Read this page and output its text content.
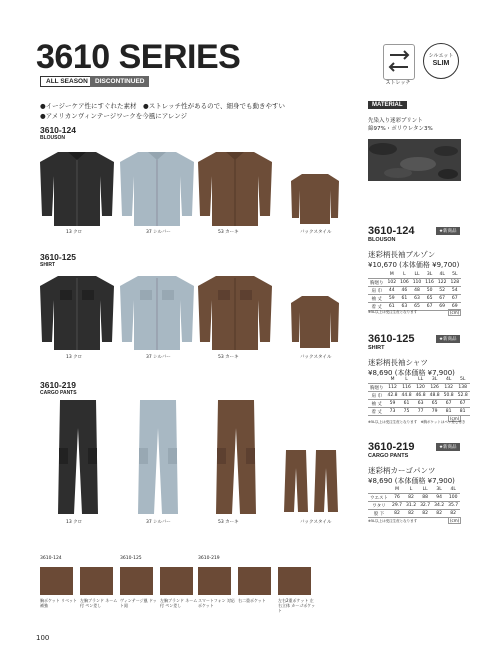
3610 SERIES
ALL SEASON	DISCONTINUED	ストレッチ
シルエット
SLIM
●イージーケア性にすぐれた素材　●ストレッチ性があるので、細身でも動きやすい
●アメリカンヴィンテージワークを今風にアレンジ
MATERIAL
先染入り迷彩プリント
綿97%・ポリウレタン3%
3610-124
BLOUSON
3610-125
SHIRT
3610-219
CARGO PANTS
13 クロ	37 シルバー	53 カーキ	バックスタイル
13 クロ	37 シルバー	53 カーキ	バックスタイル
13 クロ	37 シルバー	53 カーキ	バックスタイル
★新商品
3610-124
BLOUSON
迷彩柄長袖ブルゾン
¥10,670 (本体価格 ¥9,700)
	M	L	LL	3L	4L	5L
胸廻り	102	106	110	116	122	128
肩 巾	44	46	48	50	52	54
袖 丈	59	61	63	65	67	67
着 丈	61	63	65	67	69	69
※5L以上は受注生産となります	(cm)
★新商品
3610-125
SHIRT
迷彩柄長袖シャツ
¥8,690 (本体価格 ¥7,900)
	M	L	LL	3L	4L	5L
胸廻り	112	116	120	126	132	138
肩 巾	42.8	44.8	46.8	48.8	50.8	52.8
袖 丈	59	61	63	65	67	67
着 丈	73	75	77	79	81	81
(cm)
※5L以上は受注生産となります　※胸ポケットはペン差し付き
★新商品
3610-219
CARGO PANTS
迷彩柄カーゴパンツ
¥8,690 (本体価格 ¥7,900)
	M	L	LL	3L	4L
ウエスト	76	82	88	94	100
ワタリ	29.7	31.2	32.7	34.2	35.7
股 下	82	82	82	82	82
※5L以上は受注生産となります	(cm)
3610-124	3610-125	3610-219
胸ポケット リベット補強
左胸ブランド ネーム付 ペン差し
ヴィンテージ風 ドット釦
左胸ブランド ネーム付 ペン差し
スマートフォン 対応ポケット
右二重ポケット	左右2重ポケット 左右立体 カーゴポケット
100
